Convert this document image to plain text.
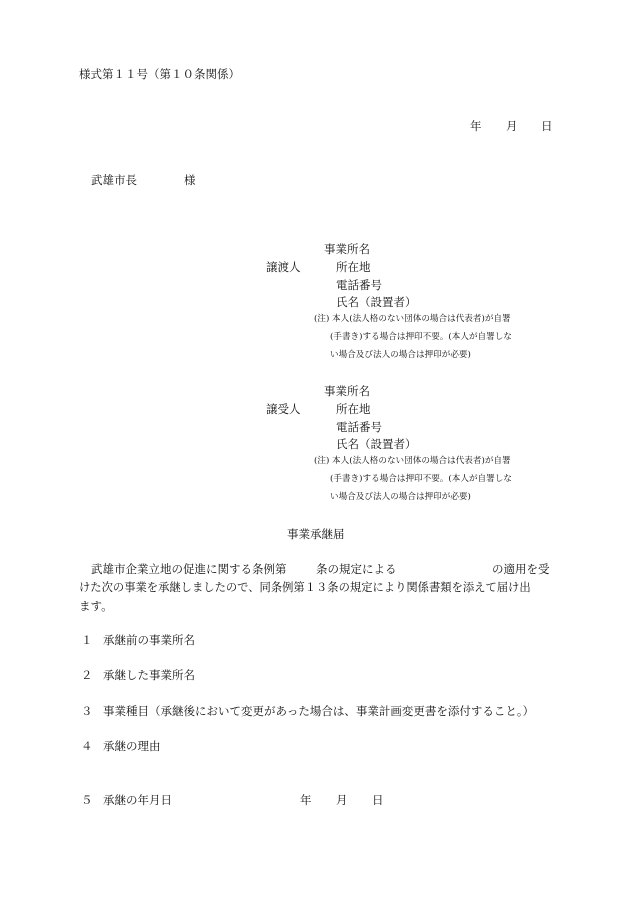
様式第１１号（第１０条関係）
年 月 日
武雄市長	様
事業所名
譲渡人	所在地
電話番号
氏名（設置者）
(注) 本人(法人格のない団体の場合は代表者)が自署
(手書き)する場合は押印不要。(本人が自署しな
い場合及び法人の場合は押印が必要)
事業所名
譲受人	所在地
電話番号
氏名（設置者）
(注) 本人(法人格のない団体の場合は代表者)が自署
(手書き)する場合は押印不要。(本人が自署しな
い場合及び法人の場合は押印が必要)
事業承継届
武雄市企業立地の促進に関する条例第	条の規定による	の適用を受
けた次の事業を承継しましたので、同条例第１３条の規定により関係書類を添えて届け出
ます。
１ 承継前の事業所名
２ 承継した事業所名
３ 事業種目（承継後において変更があった場合は、事業計画変更書を添付すること。）
４ 承継の理由
５ 承継の年月日	年 月 日
